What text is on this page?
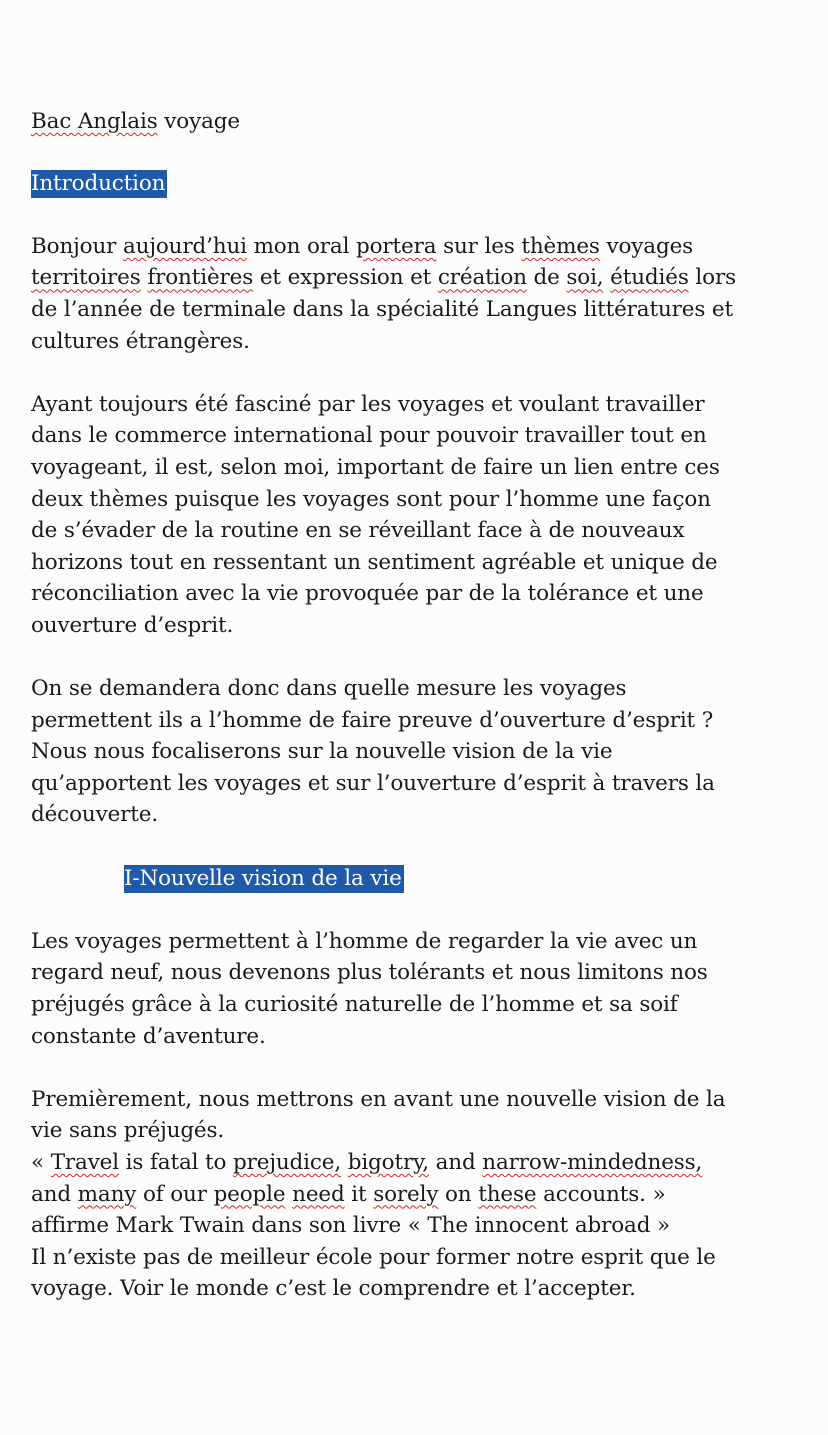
Bac Anglais voyage
Introduction
Bonjour aujourd’hui mon oral portera sur les thèmes voyages
territoires frontières et expression et création de soi, étudiés lors
de l’année de terminale dans la spécialité Langues littératures et
cultures étrangères.
Ayant toujours été fasciné par les voyages et voulant travailler
dans le commerce international pour pouvoir travailler tout en
voyageant, il est, selon moi, important de faire un lien entre ces
deux thèmes puisque les voyages sont pour l’homme une façon
de s’évader de la routine en se réveillant face à de nouveaux
horizons tout en ressentant un sentiment agréable et unique de
réconciliation avec la vie provoquée par de la tolérance et une
ouverture d’esprit.
On se demandera donc dans quelle mesure les voyages
permettent ils a l’homme de faire preuve d’ouverture d’esprit ?
Nous nous focaliserons sur la nouvelle vision de la vie
qu’apportent les voyages et sur l’ouverture d’esprit à travers la
découverte.
I-Nouvelle vision de la vie
Les voyages permettent à l’homme de regarder la vie avec un
regard neuf, nous devenons plus tolérants et nous limitons nos
préjugés grâce à la curiosité naturelle de l’homme et sa soif
constante d’aventure.
Premièrement, nous mettrons en avant une nouvelle vision de la
vie sans préjugés.
« Travel is fatal to prejudice, bigotry, and narrow-mindedness,
and many of our people need it sorely on these accounts. »
affirme Mark Twain dans son livre « The innocent abroad »
Il n’existe pas de meilleur école pour former notre esprit que le
voyage. Voir le monde c’est le comprendre et l’accepter.
